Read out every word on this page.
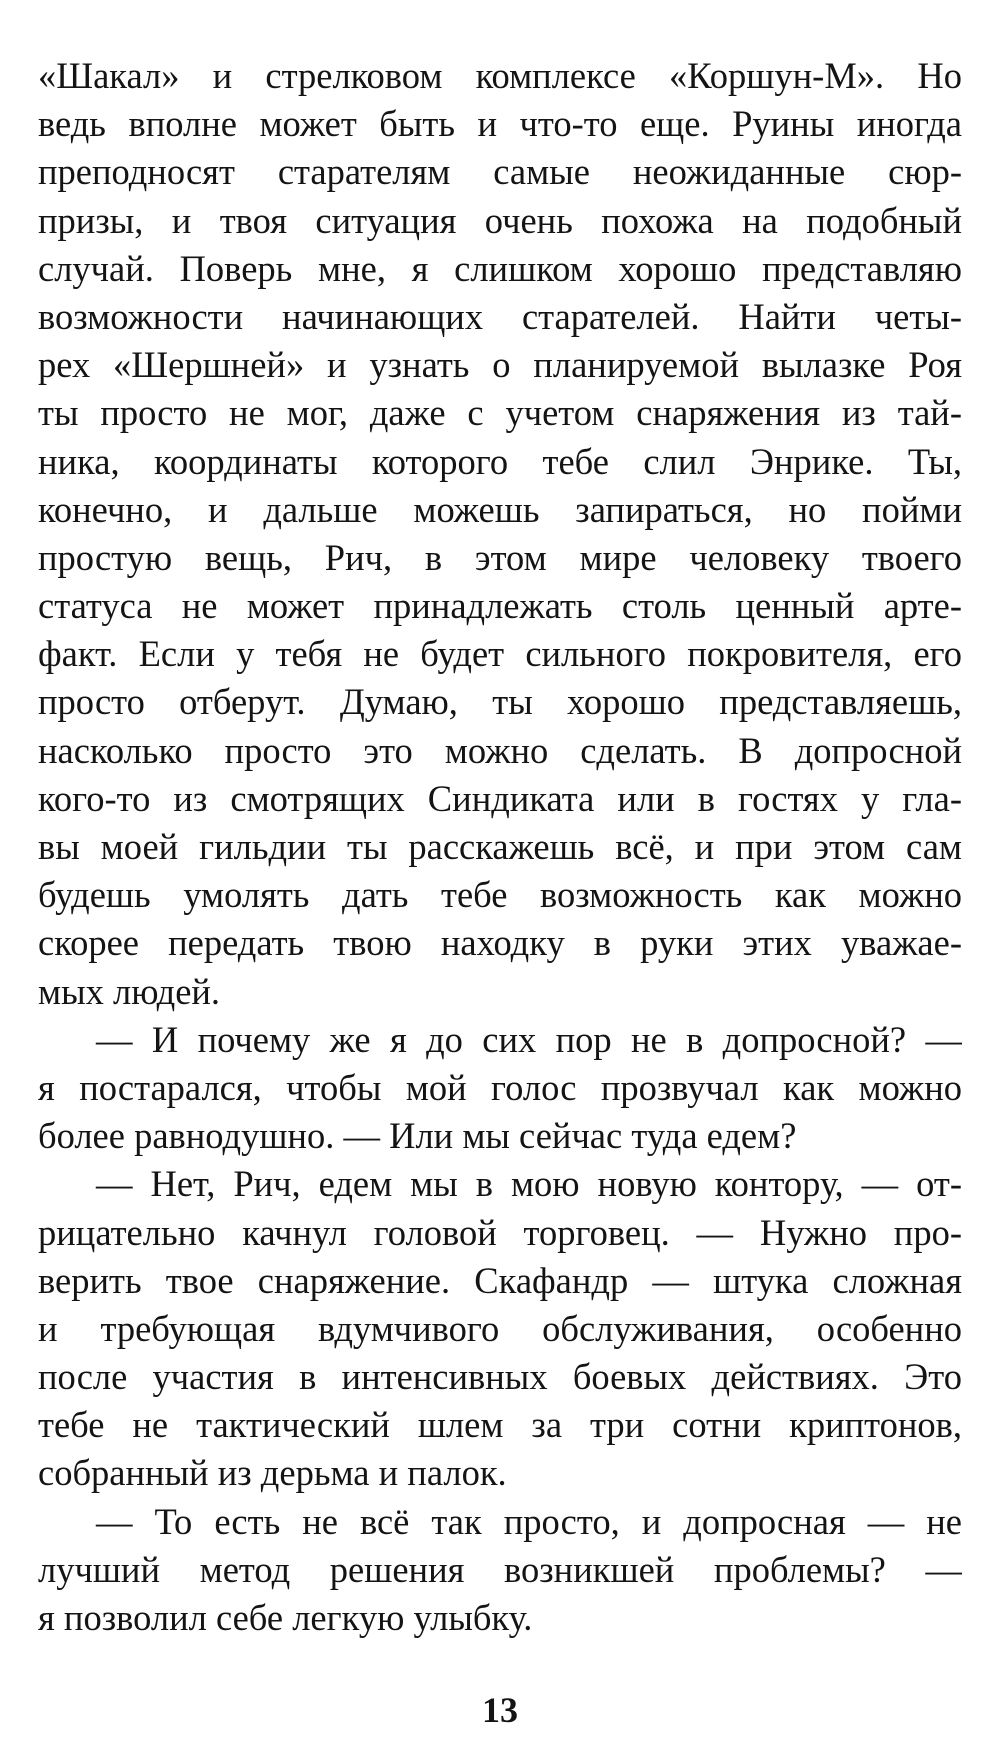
«Шакал» и стрелковом комплексе «Коршун-М». Но
ведь вполне может быть и что-то еще. Руины иногда
преподносят старателям самые неожиданные сюр-
призы, и твоя ситуация очень похожа на подобный
случай. Поверь мне, я слишком хорошо представляю
возможности начинающих старателей. Найти четы-
рех «Шершней» и узнать о планируемой вылазке Роя
ты просто не мог, даже с учетом снаряжения из тай-
ника, координаты которого тебе слил Энрике. Ты,
конечно, и дальше можешь запираться, но пойми
простую вещь, Рич, в этом мире человеку твоего
статуса не может принадлежать столь ценный арте-
факт. Если у тебя не будет сильного покровителя, его
просто отберут. Думаю, ты хорошо представляешь,
насколько просто это можно сделать. В допросной
кого-то из смотрящих Синдиката или в гостях у гла-
вы моей гильдии ты расскажешь всё, и при этом сам
будешь умолять дать тебе возможность как можно
скорее передать твою находку в руки этих уважае-
мых людей.
— И почему же я до сих пор не в допросной? —
я постарался, чтобы мой голос прозвучал как можно
более равнодушно. — Или мы сейчас туда едем?
— Нет, Рич, едем мы в мою новую контору, — от-
рицательно качнул головой торговец. — Нужно про-
верить твое снаряжение. Скафандр — штука сложная
и требующая вдумчивого обслуживания, особенно
после участия в интенсивных боевых действиях. Это
тебе не тактический шлем за три сотни криптонов,
собранный из дерьма и палок.
— То есть не всё так просто, и допросная — не
лучший метод решения возникшей проблемы? —
я позволил себе легкую улыбку.
13
